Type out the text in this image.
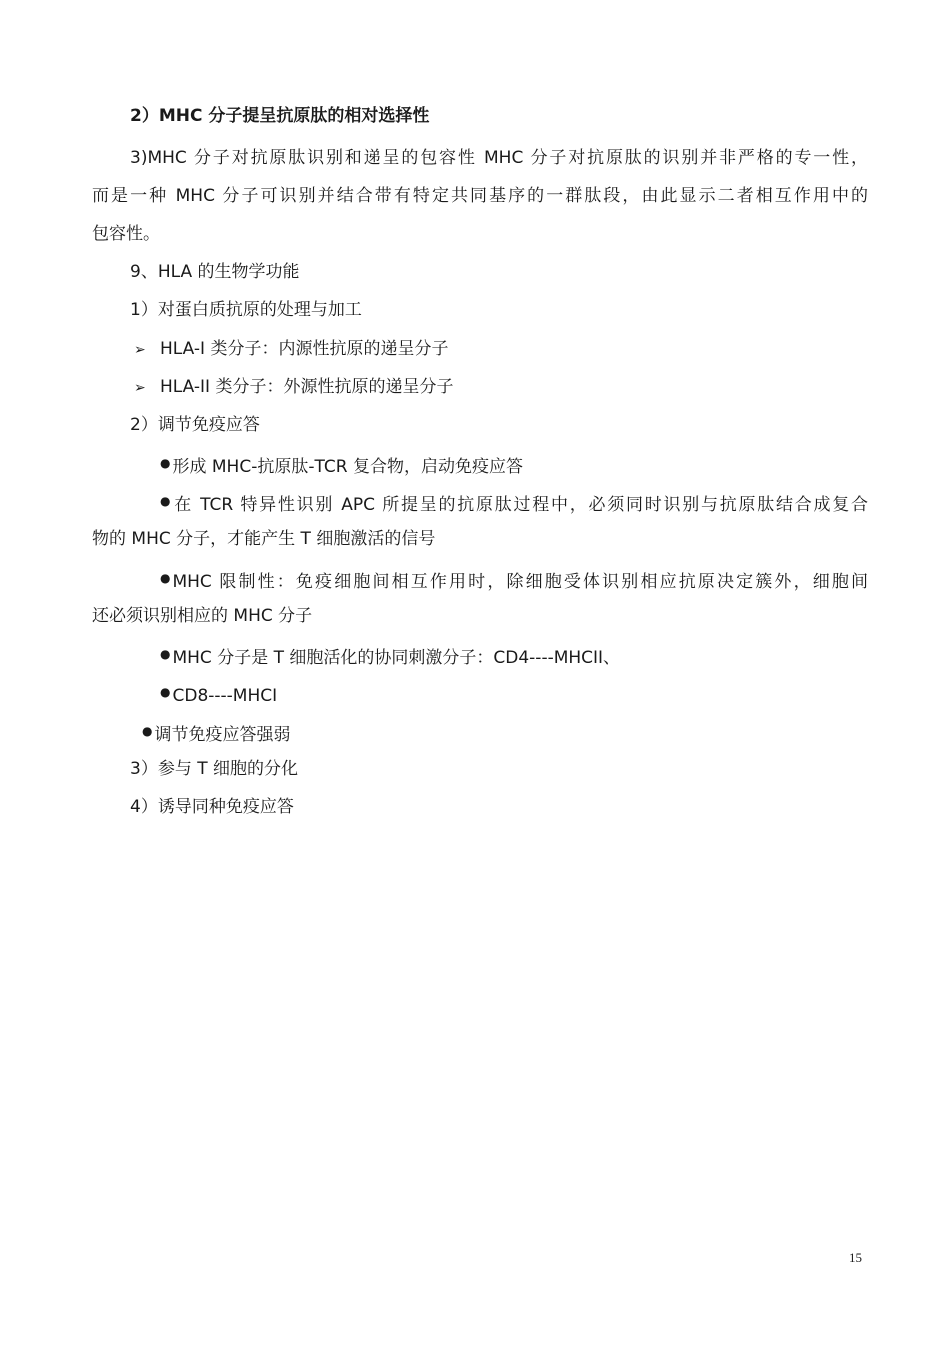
2）MHC 分子提呈抗原肽的相对选择性
3)MHC 分子对抗原肽识别和递呈的包容性 MHC 分子对抗原肽的识别并非严格的专一性，
而是一种 MHC 分子可识别并结合带有特定共同基序的一群肽段，由此显示二者相互作用中的
包容性。
9、HLA 的生物学功能
1）对蛋白质抗原的处理与加工
➢ HLA-I 类分子：内源性抗原的递呈分子
➢ HLA-II 类分子：外源性抗原的递呈分子
2）调节免疫应答
● 形成 MHC-抗原肽-TCR 复合物，启动免疫应答
● 在 TCR 特异性识别 APC 所提呈的抗原肽过程中，必须同时识别与抗原肽结合成复合
物的 MHC 分子，才能产生 T 细胞激活的信号
● MHC 限制性：免疫细胞间相互作用时，除细胞受体识别相应抗原决定簇外，细胞间
还必须识别相应的 MHC 分子
● MHC 分子是 T 细胞活化的协同刺激分子：CD4----MHCII、
● CD8----MHCI
● 调节免疫应答强弱
3）参与 T 细胞的分化
4）诱导同种免疫应答
15
